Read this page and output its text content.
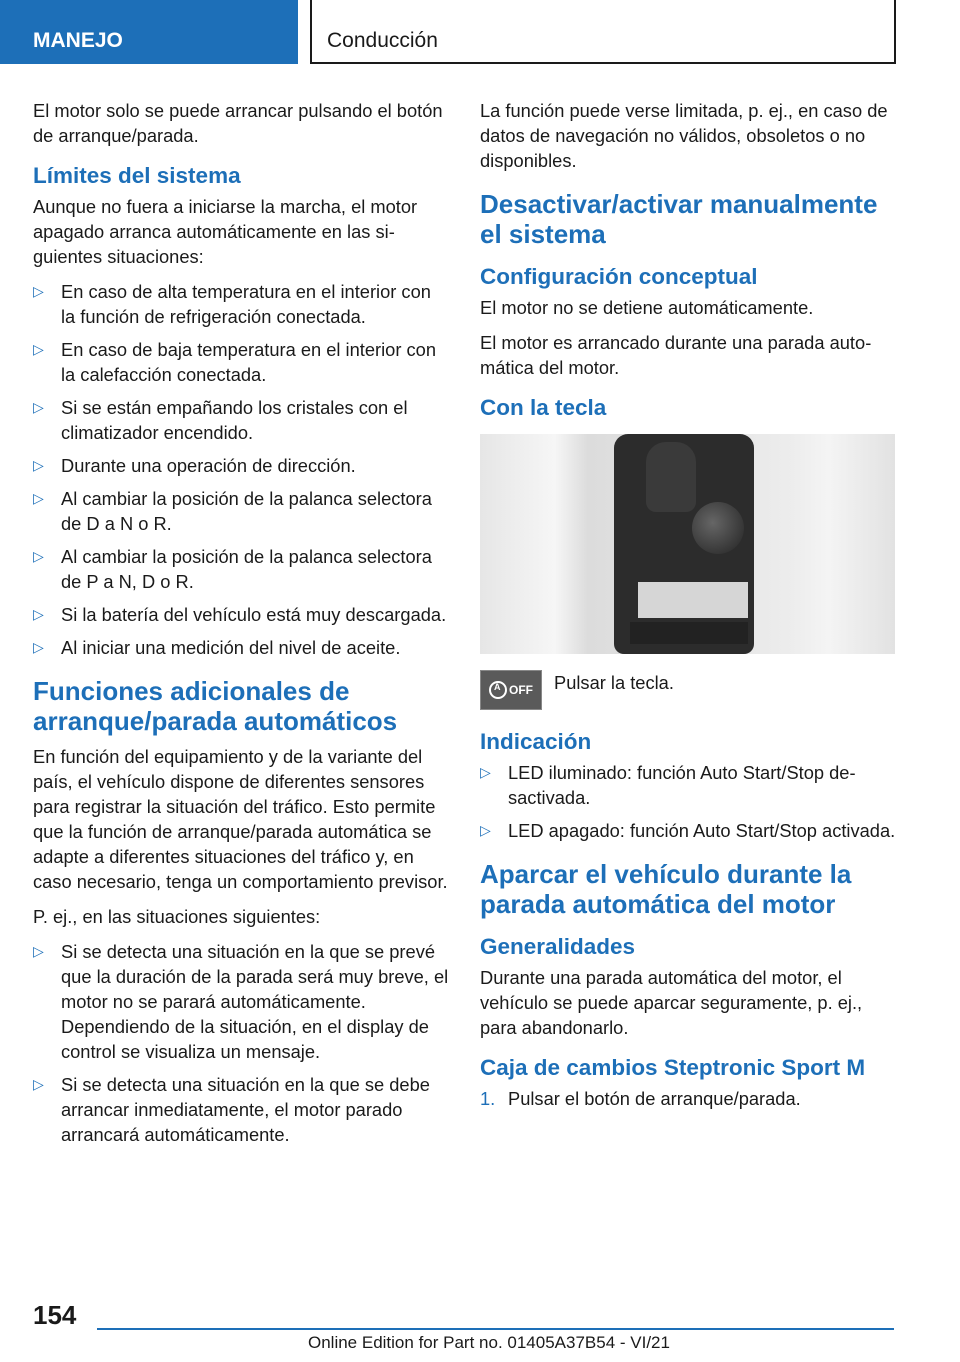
MANEJO	Conducción

El motor solo se puede arrancar pulsando el botón de arranque/parada.

Límites del sistema

Aunque no fuera a iniciarse la marcha, el motor apagado arranca automáticamente en las siguientes situaciones:

▷ En caso de alta temperatura en el interior con la función de refrigeración conectada.
▷ En caso de baja temperatura en el interior con la calefacción conectada.
▷ Si se están empañando los cristales con el climatizador encendido.
▷ Durante una operación de dirección.
▷ Al cambiar la posición de la palanca selectora de D a N o R.
▷ Al cambiar la posición de la palanca selectora de P a N, D o R.
▷ Si la batería del vehículo está muy descargada.
▷ Al iniciar una medición del nivel de aceite.
Funciones adicionales de arranque/parada automáticos

En función del equipamiento y de la variante del país, el vehículo dispone de diferentes sensores para registrar la situación del tráfico. Esto permite que la función de arranque/parada automática se adapte a diferentes situaciones del tráfico y, en caso necesario, tenga un comportamiento previsor.

P. ej., en las situaciones siguientes:

▷ Si se detecta una situación en la que se prevé que la duración de la parada será muy breve, el motor no se parará automáticamente. Dependiendo de la situación, en el display de control se visualiza un mensaje.
▷ Si se detecta una situación en la que se debe arrancar inmediatamente, el motor parado arrancará automáticamente.

La función puede verse limitada, p. ej., en caso de datos de navegación no válidos, obsoletos o no disponibles.

Desactivar/activar manualmente el sistema
Configuración conceptual

El motor no se detiene automáticamente.

El motor es arrancado durante una parada automática del motor.

Con la tecla
A
OFF Pulsar la tecla.

Indicación
▷ LED iluminado: función Auto Start/Stop desactivada.
▷ LED apagado: función Auto Start/Stop activada.
Aparcar el vehículo durante la parada automática del motor
Generalidades

Durante una parada automática del motor, el vehículo se puede aparcar seguramente, p. ej., para abandonarlo.

Caja de cambios Steptronic Sport M
1. Pulsar el botón de arranque/parada.
154
Online Edition for Part no. 01405A37B54 - VI/21
